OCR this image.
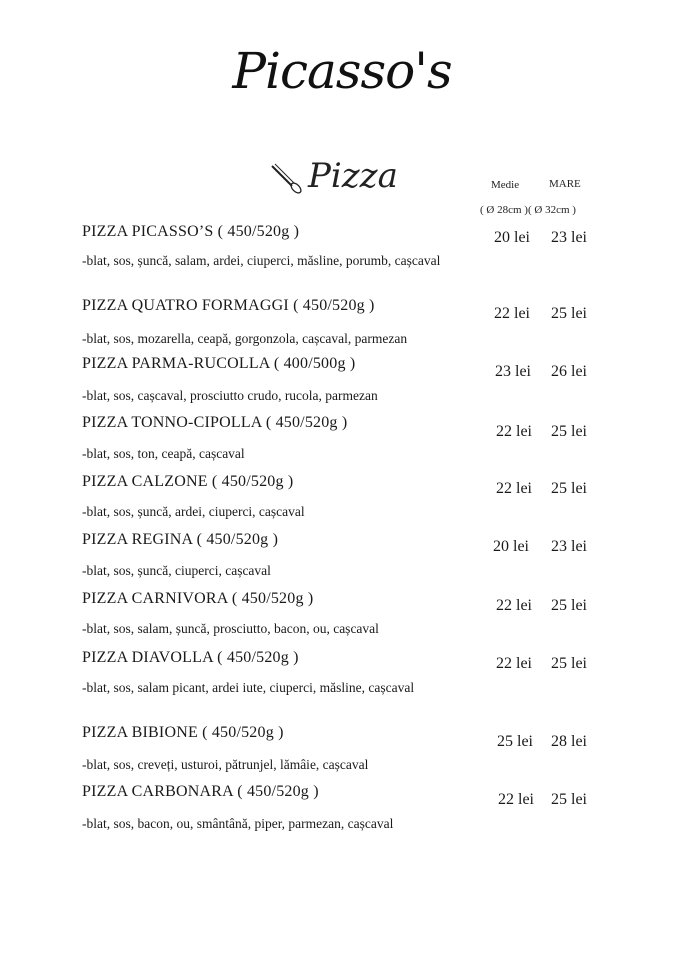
Picasso's
Pizza	Medie	MARE
( Ø 28cm )( Ø 32cm )
PIZZA PICASSO’S ( 450/520g )
-blat, sos, șuncă, salam, ardei, ciuperci, măsline, porumb, cașcaval
20 lei 23 lei
PIZZA QUATRO FORMAGGI ( 450/520g )
-blat, sos, mozarella, ceapă, gorgonzola, cașcaval, parmezan
22 lei 25 lei
PIZZA PARMA-RUCOLLA ( 400/500g )
-blat, sos, cașcaval, prosciutto crudo, rucola, parmezan
23 lei 26 lei
PIZZA TONNO-CIPOLLA ( 450/520g )
-blat, sos, ton, ceapă, cașcaval
22 lei 25 lei
PIZZA CALZONE ( 450/520g )
-blat, sos, șuncă, ardei, ciuperci, cașcaval
22 lei 25 lei
PIZZA REGINA ( 450/520g )
-blat, sos, șuncă, ciuperci, cașcaval
20 lei 23 lei
PIZZA CARNIVORA ( 450/520g )
-blat, sos, salam, șuncă, prosciutto, bacon, ou, cașcaval
22 lei 25 lei
PIZZA DIAVOLLA ( 450/520g )
-blat, sos, salam picant, ardei iute, ciuperci, măsline, cașcaval
22 lei 25 lei
PIZZA BIBIONE ( 450/520g )
-blat, sos, creveți, usturoi, pătrunjel, lămâie, cașcaval
25 lei 28 lei
PIZZA CARBONARA ( 450/520g )
-blat, sos, bacon, ou, smântână, piper, parmezan, cașcaval
22 lei 25 lei
